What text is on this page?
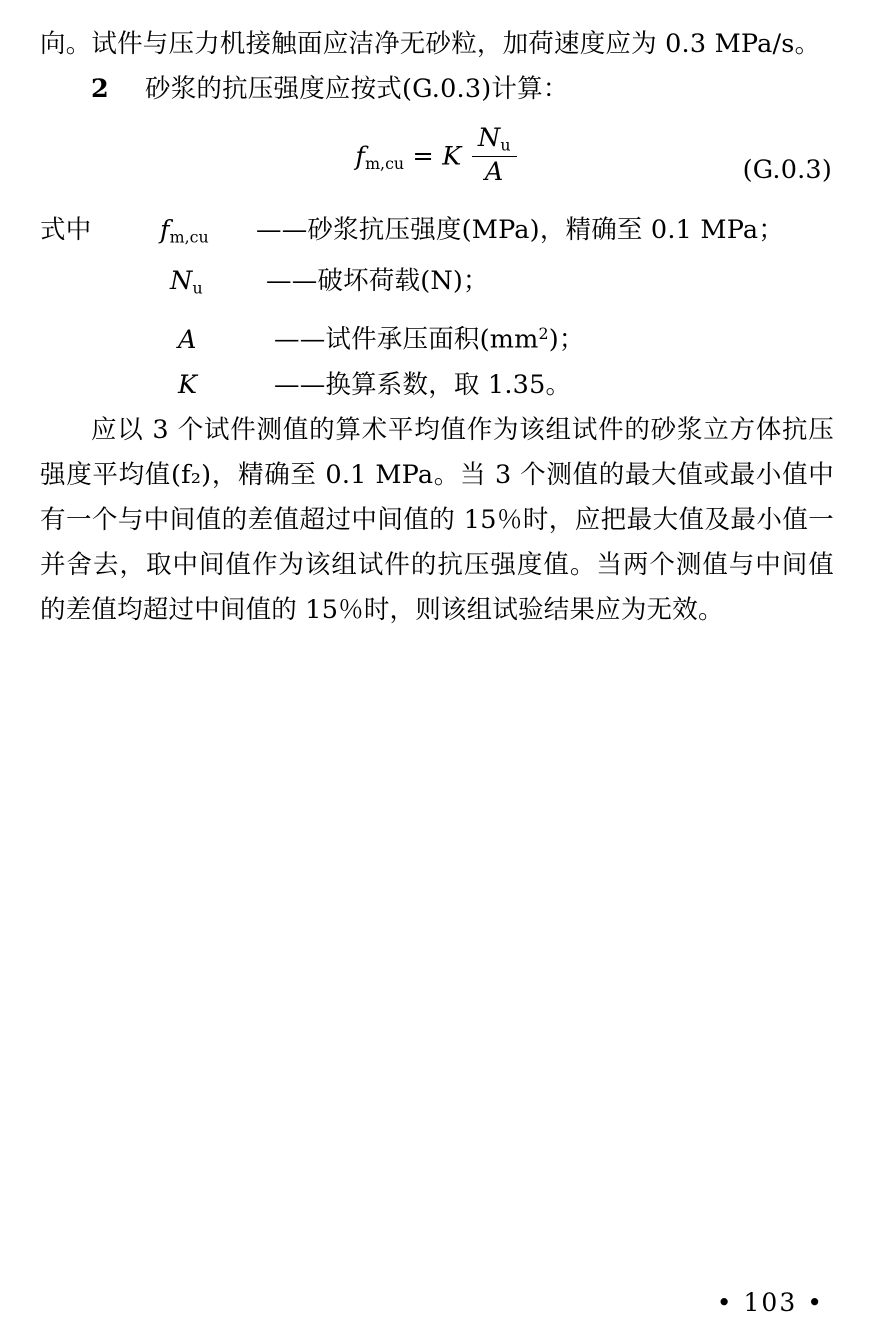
向。试件与压力机接触面应洁净无砂粒，加荷速度应为 0.3 MPa/s。

2 砂浆的抗压强度应按式(G.0.3)计算：

$f_{m,cu} = K \frac{N_u}{A}$	(G.0.3)
式中	$f_{m,cu}$ ——砂浆抗压强度(MPa)，精确至 0.1 MPa；
$N_u$ ——破坏荷载(N)；
A	——试件承压面积$(mm^2)$；
K	——换算系数，取 1.35。

应以 3 个试件测值的算术平均值作为该组试件的砂浆立方体抗压强度平均值(f₂)，精确至 0.1 MPa。当 3 个测值的最大值或最小值中有一个与中间值的差值超过中间值的 15％时，应把最大值及最小值一并舍去，取中间值作为该组试件的抗压强度值。当两个测值与中间值的差值均超过中间值的 15％时，则该组试验结果应为无效。

• 103 •
